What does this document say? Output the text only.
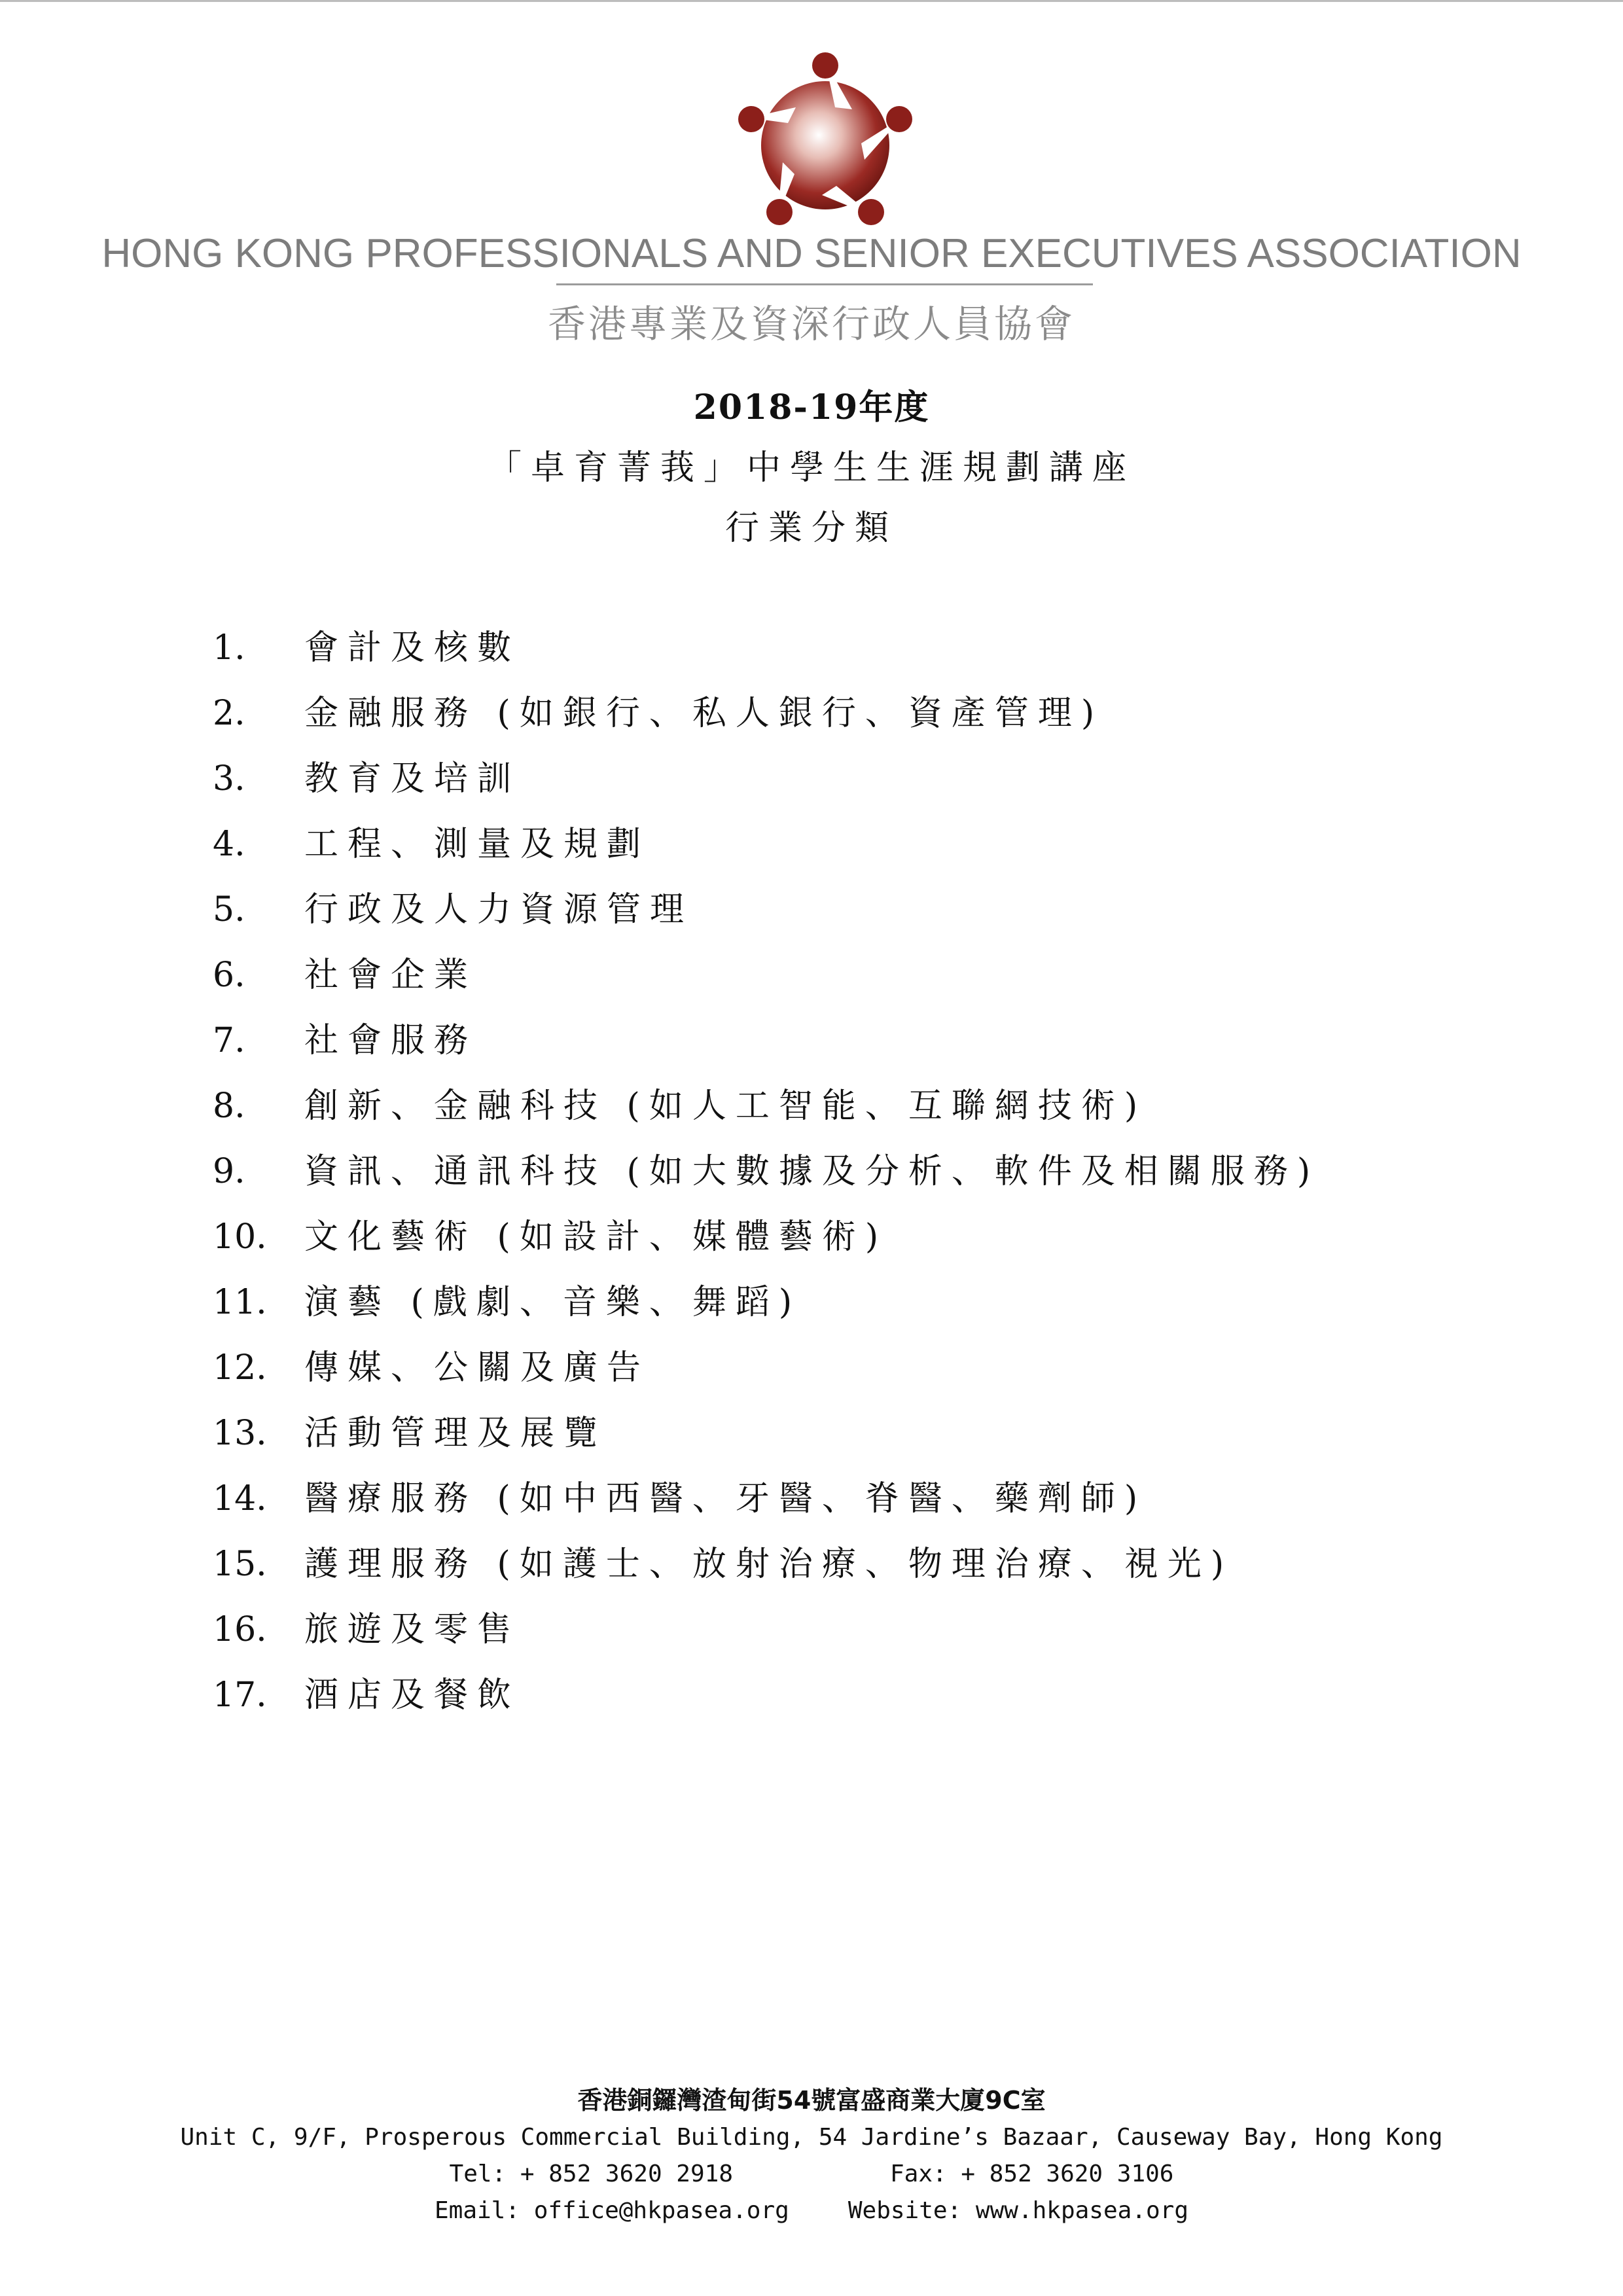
HONG KONG PROFESSIONALS AND SENIOR EXECUTIVES ASSOCIATION
香港專業及資深行政人員協會
2018-19年度
「卓育菁莪」中學生生涯規劃講座
行業分類
1.	會計及核數
2.	金融服務 (如銀行、私人銀行、資產管理)
3.	教育及培訓
4.	工程、測量及規劃
5.	行政及人力資源管理
6.	社會企業
7.	社會服務
8.	創新、金融科技 (如人工智能、互聯網技術)
9.	資訊、通訊科技 (如大數據及分析、軟件及相關服務)
10.	文化藝術 (如設計、媒體藝術)
11.	演藝 (戲劇、音樂、舞蹈)
12.	傳媒、公關及廣告
13.	活動管理及展覽
14.	醫療服務 (如中西醫、牙醫、脊醫、藥劑師)
15.	護理服務 (如護士、放射治療、物理治療、視光)
16.	旅遊及零售
17.	酒店及餐飲
香港銅鑼灣渣甸街54號富盛商業大廈9C室
Unit C, 9/F, Prosperous Commercial Building, 54 Jardine’s Bazaar, Causeway Bay, Hong Kong
Tel: + 852 3620 2918	Fax: + 852 3620 3106
Email: office@hkpasea.org	Website: www.hkpasea.org
